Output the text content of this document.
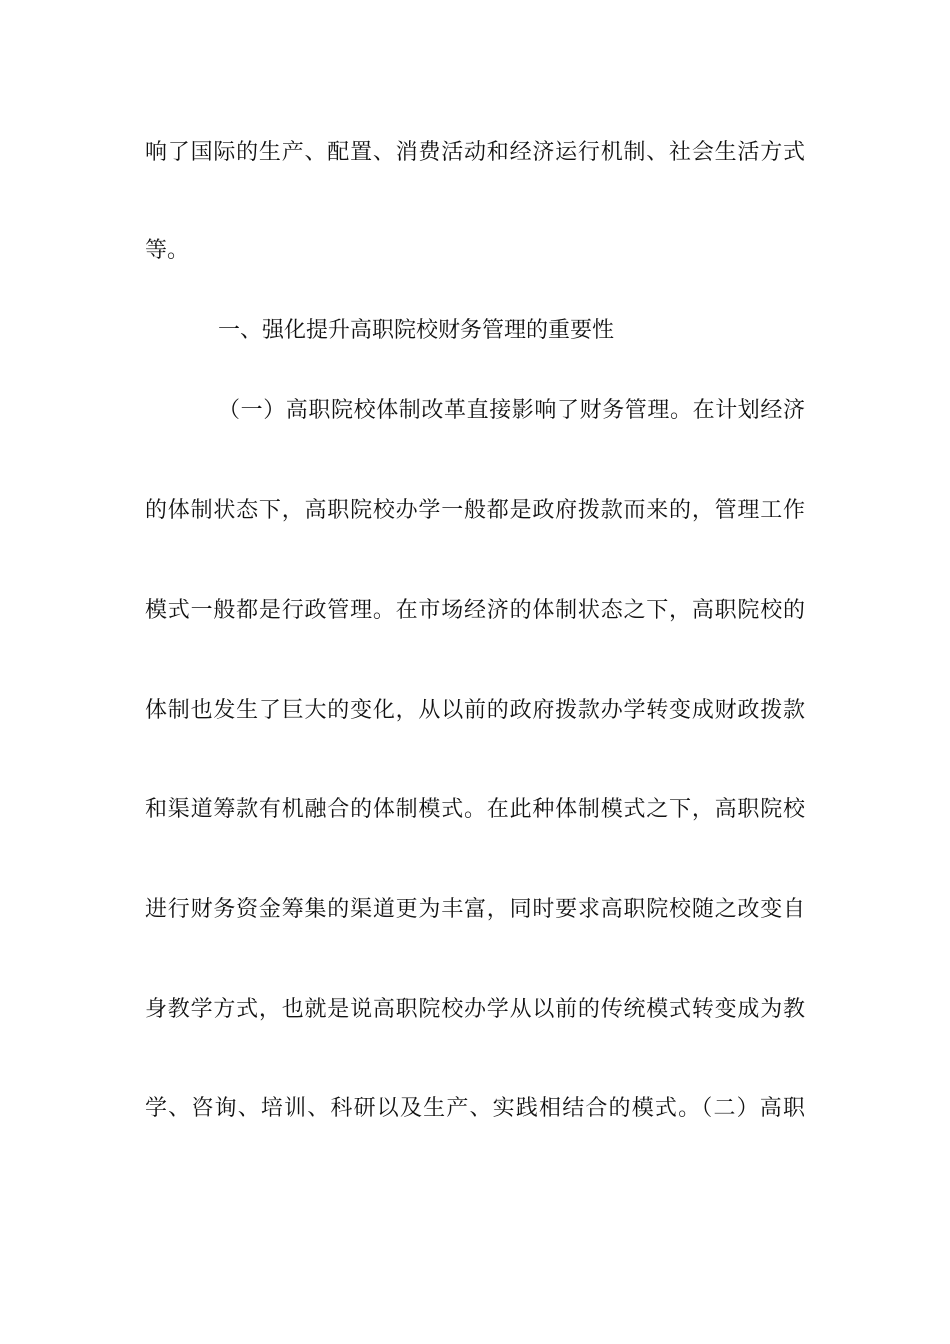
响了国际的生产、配置、消费活动和经济运行机制、社会生活方式
等。
一、强化提升高职院校财务管理的重要性
（一）高职院校体制改革直接影响了财务管理。在计划经济
的体制状态下，高职院校办学一般都是政府拨款而来的，管理工作
模式一般都是行政管理。在市场经济的体制状态之下，高职院校的
体制也发生了巨大的变化，从以前的政府拨款办学转变成财政拨款
和渠道筹款有机融合的体制模式。在此种体制模式之下，高职院校
进行财务资金筹集的渠道更为丰富，同时要求高职院校随之改变自
身教学方式，也就是说高职院校办学从以前的传统模式转变成为教
学、咨询、培训、科研以及生产、实践相结合的模式。（二）高职
